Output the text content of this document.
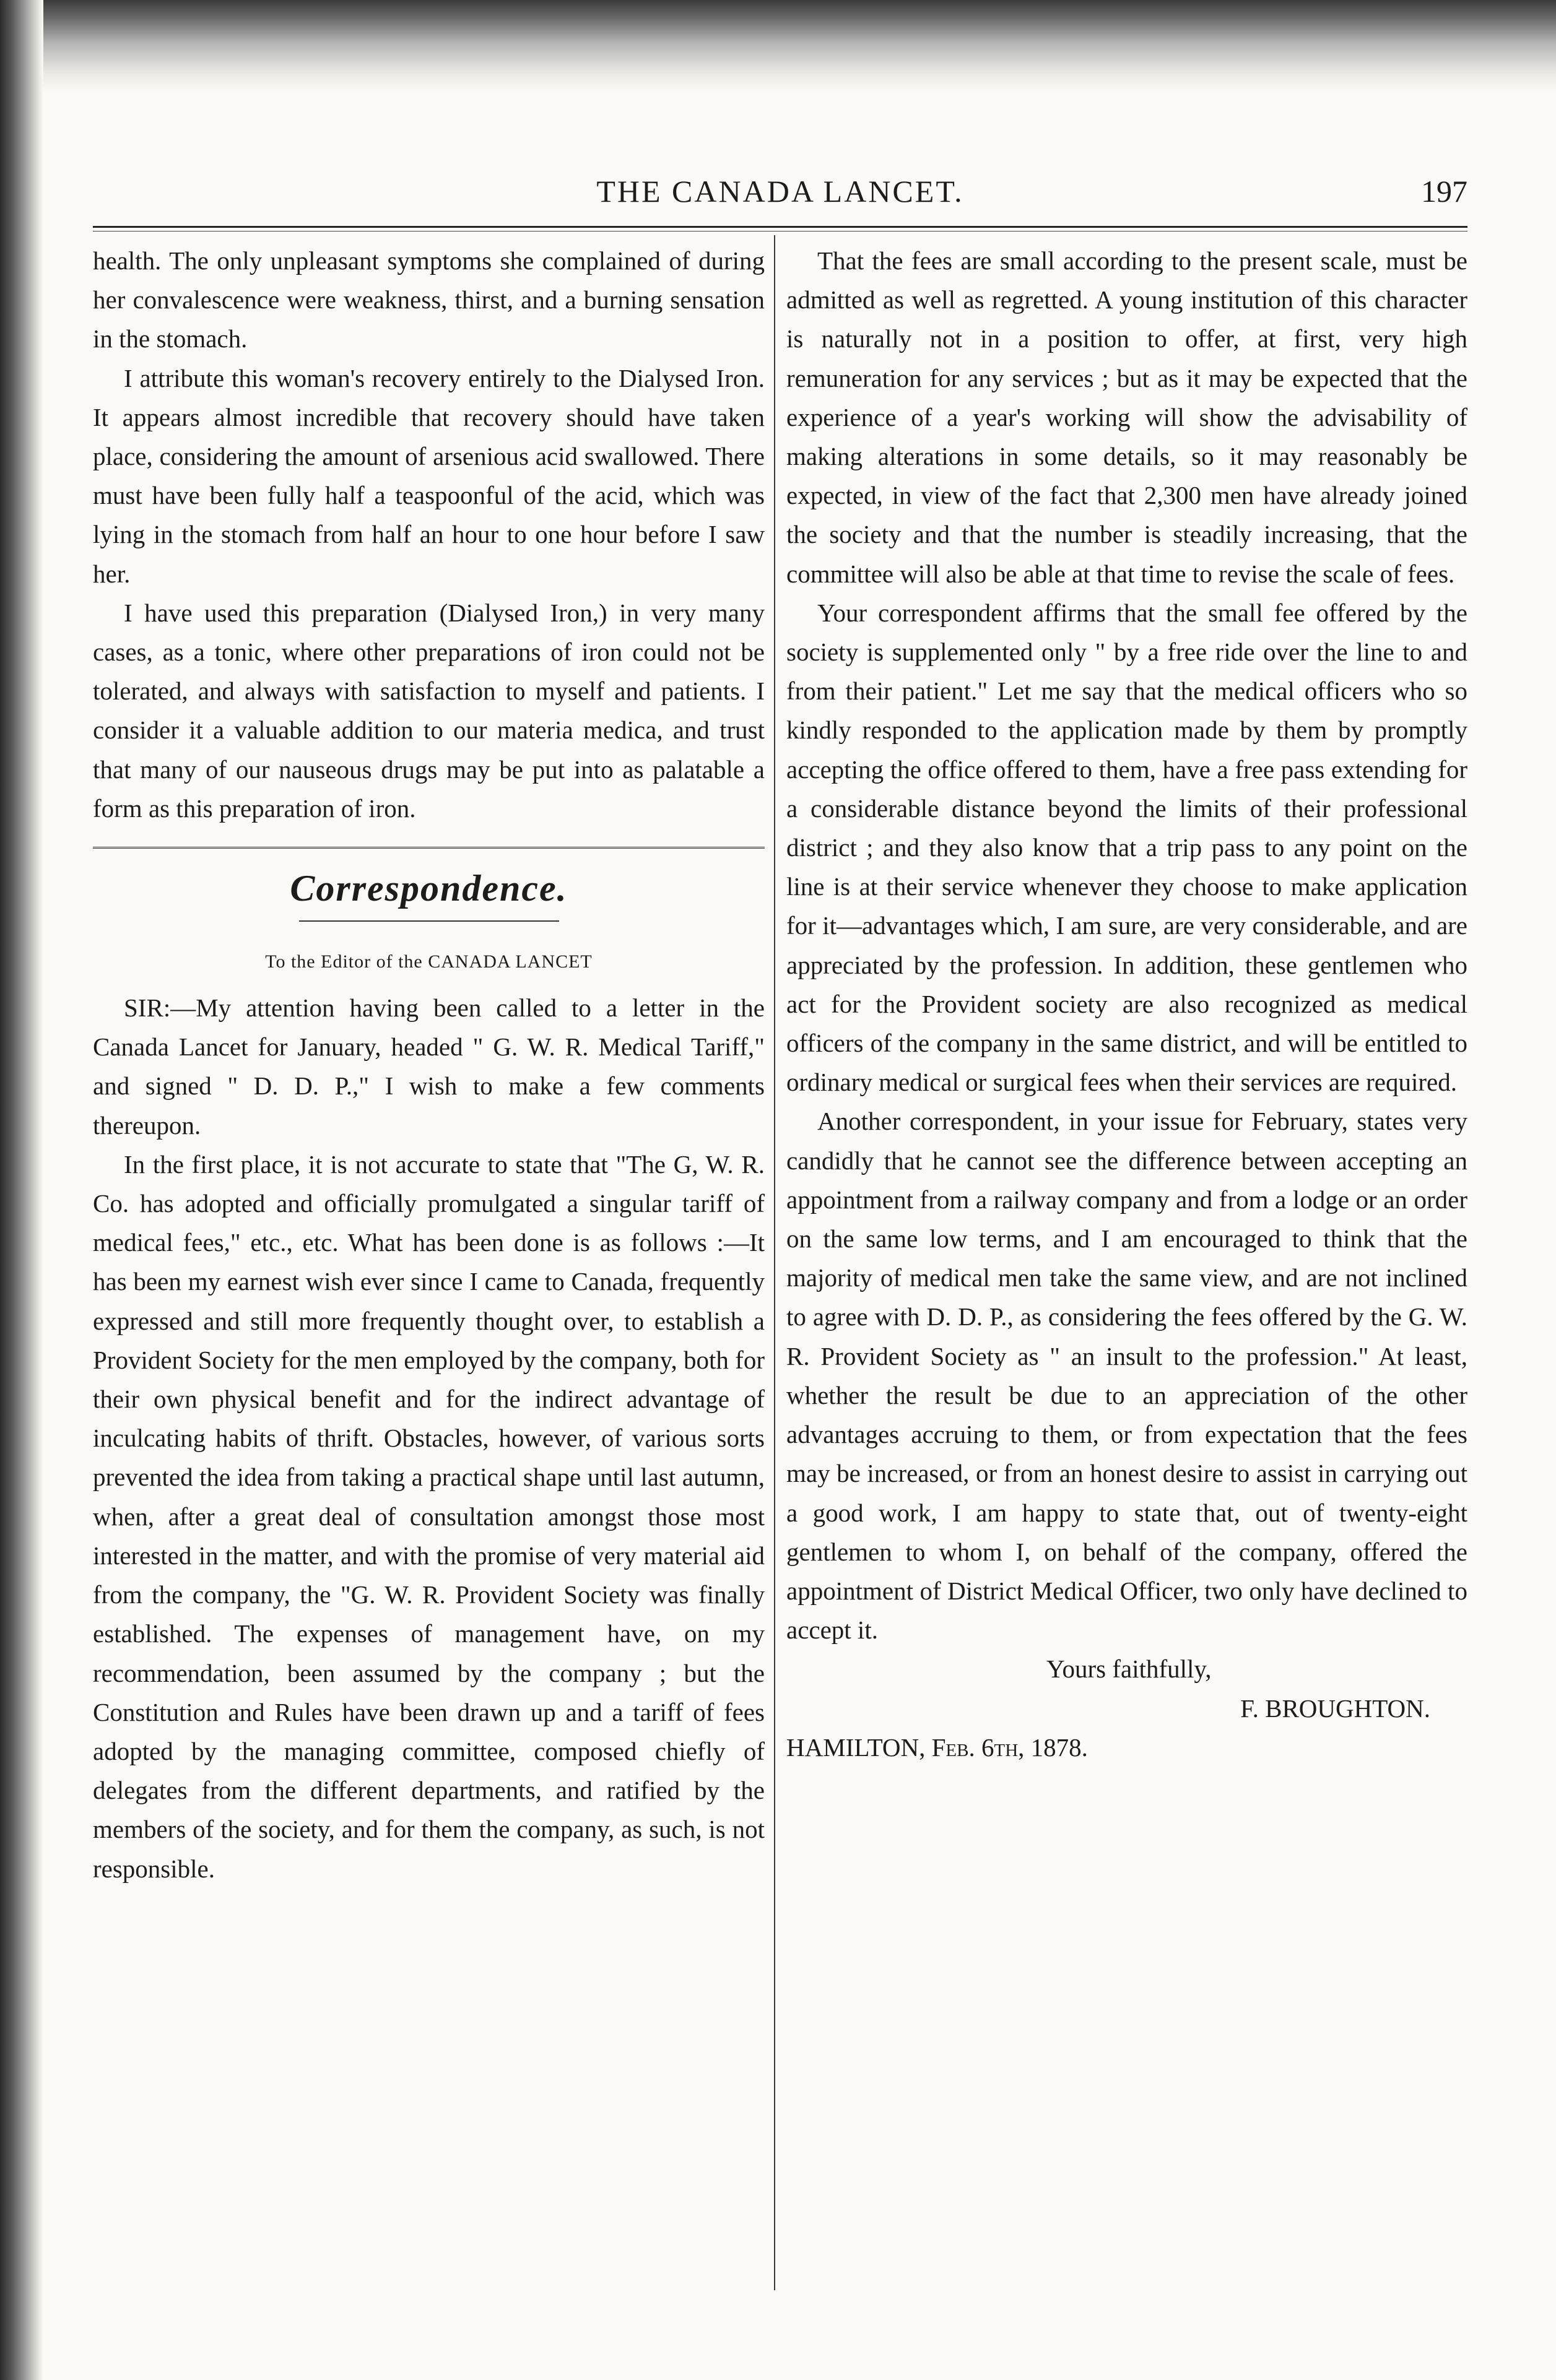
THE CANADA LANCET.	197

health. The only unpleasant symptoms she complained of during her convalescence were weakness, thirst, and a burning sensation in the stomach.

I attribute this woman's recovery entirely to the Dialysed Iron. It appears almost incredible that recovery should have taken place, considering the amount of arsenious acid swallowed. There must have been fully half a teaspoonful of the acid, which was lying in the stomach from half an hour to one hour before I saw her.

I have used this preparation (Dialysed Iron,) in very many cases, as a tonic, where other preparations of iron could not be tolerated, and always with satisfaction to myself and patients. I consider it a valuable addition to our materia medica, and trust that many of our nauseous drugs may be put into as palatable a form as this preparation of iron.

Correspondence.
To the Editor of the CANADA LANCET

SIR:—My attention having been called to a letter in the Canada Lancet for January, headed " G. W. R. Medical Tariff," and signed " D. D. P.," I wish to make a few comments thereupon.

In the first place, it is not accurate to state that "The G, W. R. Co. has adopted and officially promulgated a singular tariff of medical fees," etc., etc. What has been done is as follows :—It has been my earnest wish ever since I came to Canada, frequently expressed and still more frequently thought over, to establish a Provident Society for the men employed by the company, both for their own physical benefit and for the indirect advantage of inculcating habits of thrift. Obstacles, however, of various sorts prevented the idea from taking a practical shape until last autumn, when, after a great deal of consultation amongst those most interested in the matter, and with the promise of very material aid from the company, the "G. W. R. Provident Society was finally established. The expenses of management have, on my recommendation, been assumed by the company ; but the Constitution and Rules have been drawn up and a tariff of fees adopted by the managing committee, composed chiefly of delegates from the different departments, and ratified by the members of the society, and for them the company, as such, is not responsible.

That the fees are small according to the present scale, must be admitted as well as regretted. A young institution of this character is naturally not in a position to offer, at first, very high remuneration for any services ; but as it may be expected that the experience of a year's working will show the advisability of making alterations in some details, so it may reasonably be expected, in view of the fact that 2,300 men have already joined the society and that the number is steadily increasing, that the committee will also be able at that time to revise the scale of fees.

Your correspondent affirms that the small fee offered by the society is supplemented only " by a free ride over the line to and from their patient." Let me say that the medical officers who so kindly responded to the application made by them by promptly accepting the office offered to them, have a free pass extending for a considerable distance beyond the limits of their professional district ; and they also know that a trip pass to any point on the line is at their service whenever they choose to make application for it—advantages which, I am sure, are very considerable, and are appreciated by the profession. In addition, these gentlemen who act for the Provident society are also recognized as medical officers of the company in the same district, and will be entitled to ordinary medical or surgical fees when their services are required.

Another correspondent, in your issue for February, states very candidly that he cannot see the difference between accepting an appointment from a railway company and from a lodge or an order on the same low terms, and I am encouraged to think that the majority of medical men take the same view, and are not inclined to agree with D. D. P., as considering the fees offered by the G. W. R. Provident Society as " an insult to the profession." At least, whether the result be due to an appreciation of the other advantages accruing to them, or from expectation that the fees may be increased, or from an honest desire to assist in carrying out a good work, I am happy to state that, out of twenty-eight gentlemen to whom I, on behalf of the company, offered the appointment of District Medical Officer, two only have declined to accept it.

Yours faithfully,

F. BROUGHTON.

HAMILTON, Feb. 6th, 1878.
